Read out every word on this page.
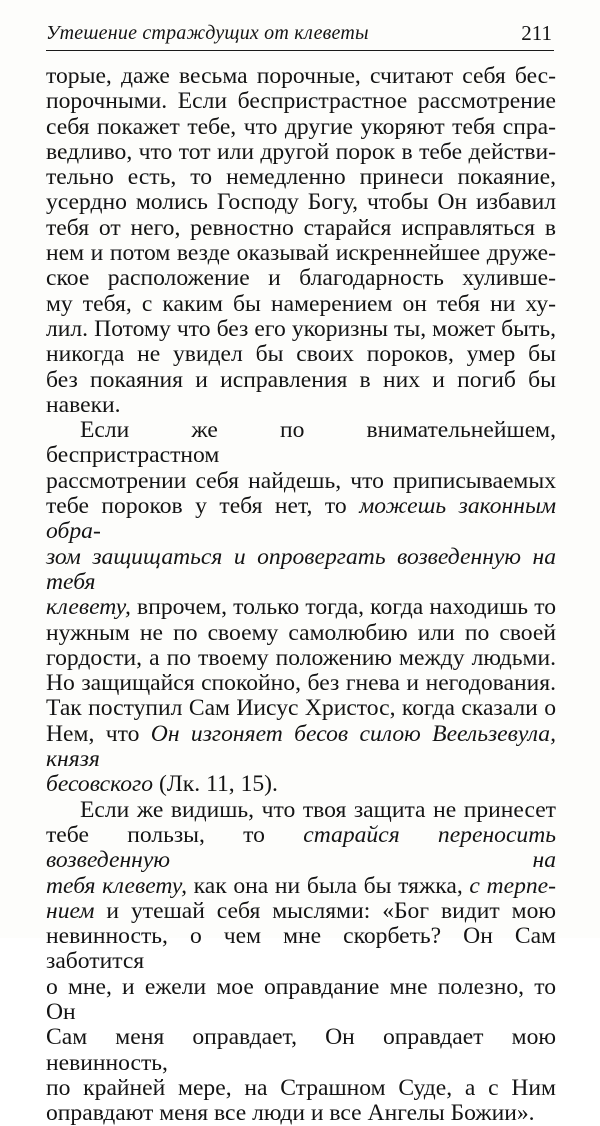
Утешение страждущих от клеветы	211
торые, даже весьма порочные, считают себя бес-
порочными. Если беспристрастное рассмотрение
себя покажет тебе, что другие укоряют тебя спра-
ведливо, что тот или другой порок в тебе действи-
тельно есть, то немедленно принеси покаяние,
усердно молись Господу Богу, чтобы Он избавил
тебя от него, ревностно старайся исправляться в
нем и потом везде оказывай искреннейшее друже-
ское расположение и благодарность хулившe-
му тебя, с каким бы намерением он тебя ни ху-
лил. Потому что без его укоризны ты, может быть,
никогда не увидел бы своих пороков, умер бы
без покаяния и исправления в них и погиб бы
навеки.
Если же по внимательнейшем, беспристрастном
рассмотрении себя найдешь, что приписываемых
тебе пороков у тебя нет, то можешь законным обра-
зом защищаться и опровергать возведенную на тебя
клевету, впрочем, только тогда, когда находишь то
нужным не по своему самолюбию или по своей
гордости, а по твоему положению между людьми.
Но защищайся спокойно, без гнева и негодования.
Так поступил Сам Иисус Христос, когда сказали о
Нем, что Он изгоняет бесов силою Веельзевула, князя
бесовского (Лк. 11, 15).
Если же видишь, что твоя защита не принесет
тебе пользы, то старайся переносить возведенную на
тебя клевету, как она ни была бы тяжка, с терпе-
нием и утешай себя мыслями: «Бог видит мою
невинность, о чем мне скорбеть? Он Сам заботится
о мне, и ежели мое оправдание мне полезно, то Он
Сам меня оправдает, Он оправдает мою невинность,
по крайней мере, на Страшном Суде, а с Ним
оправдают меня все люди и все Ангелы Божии».
